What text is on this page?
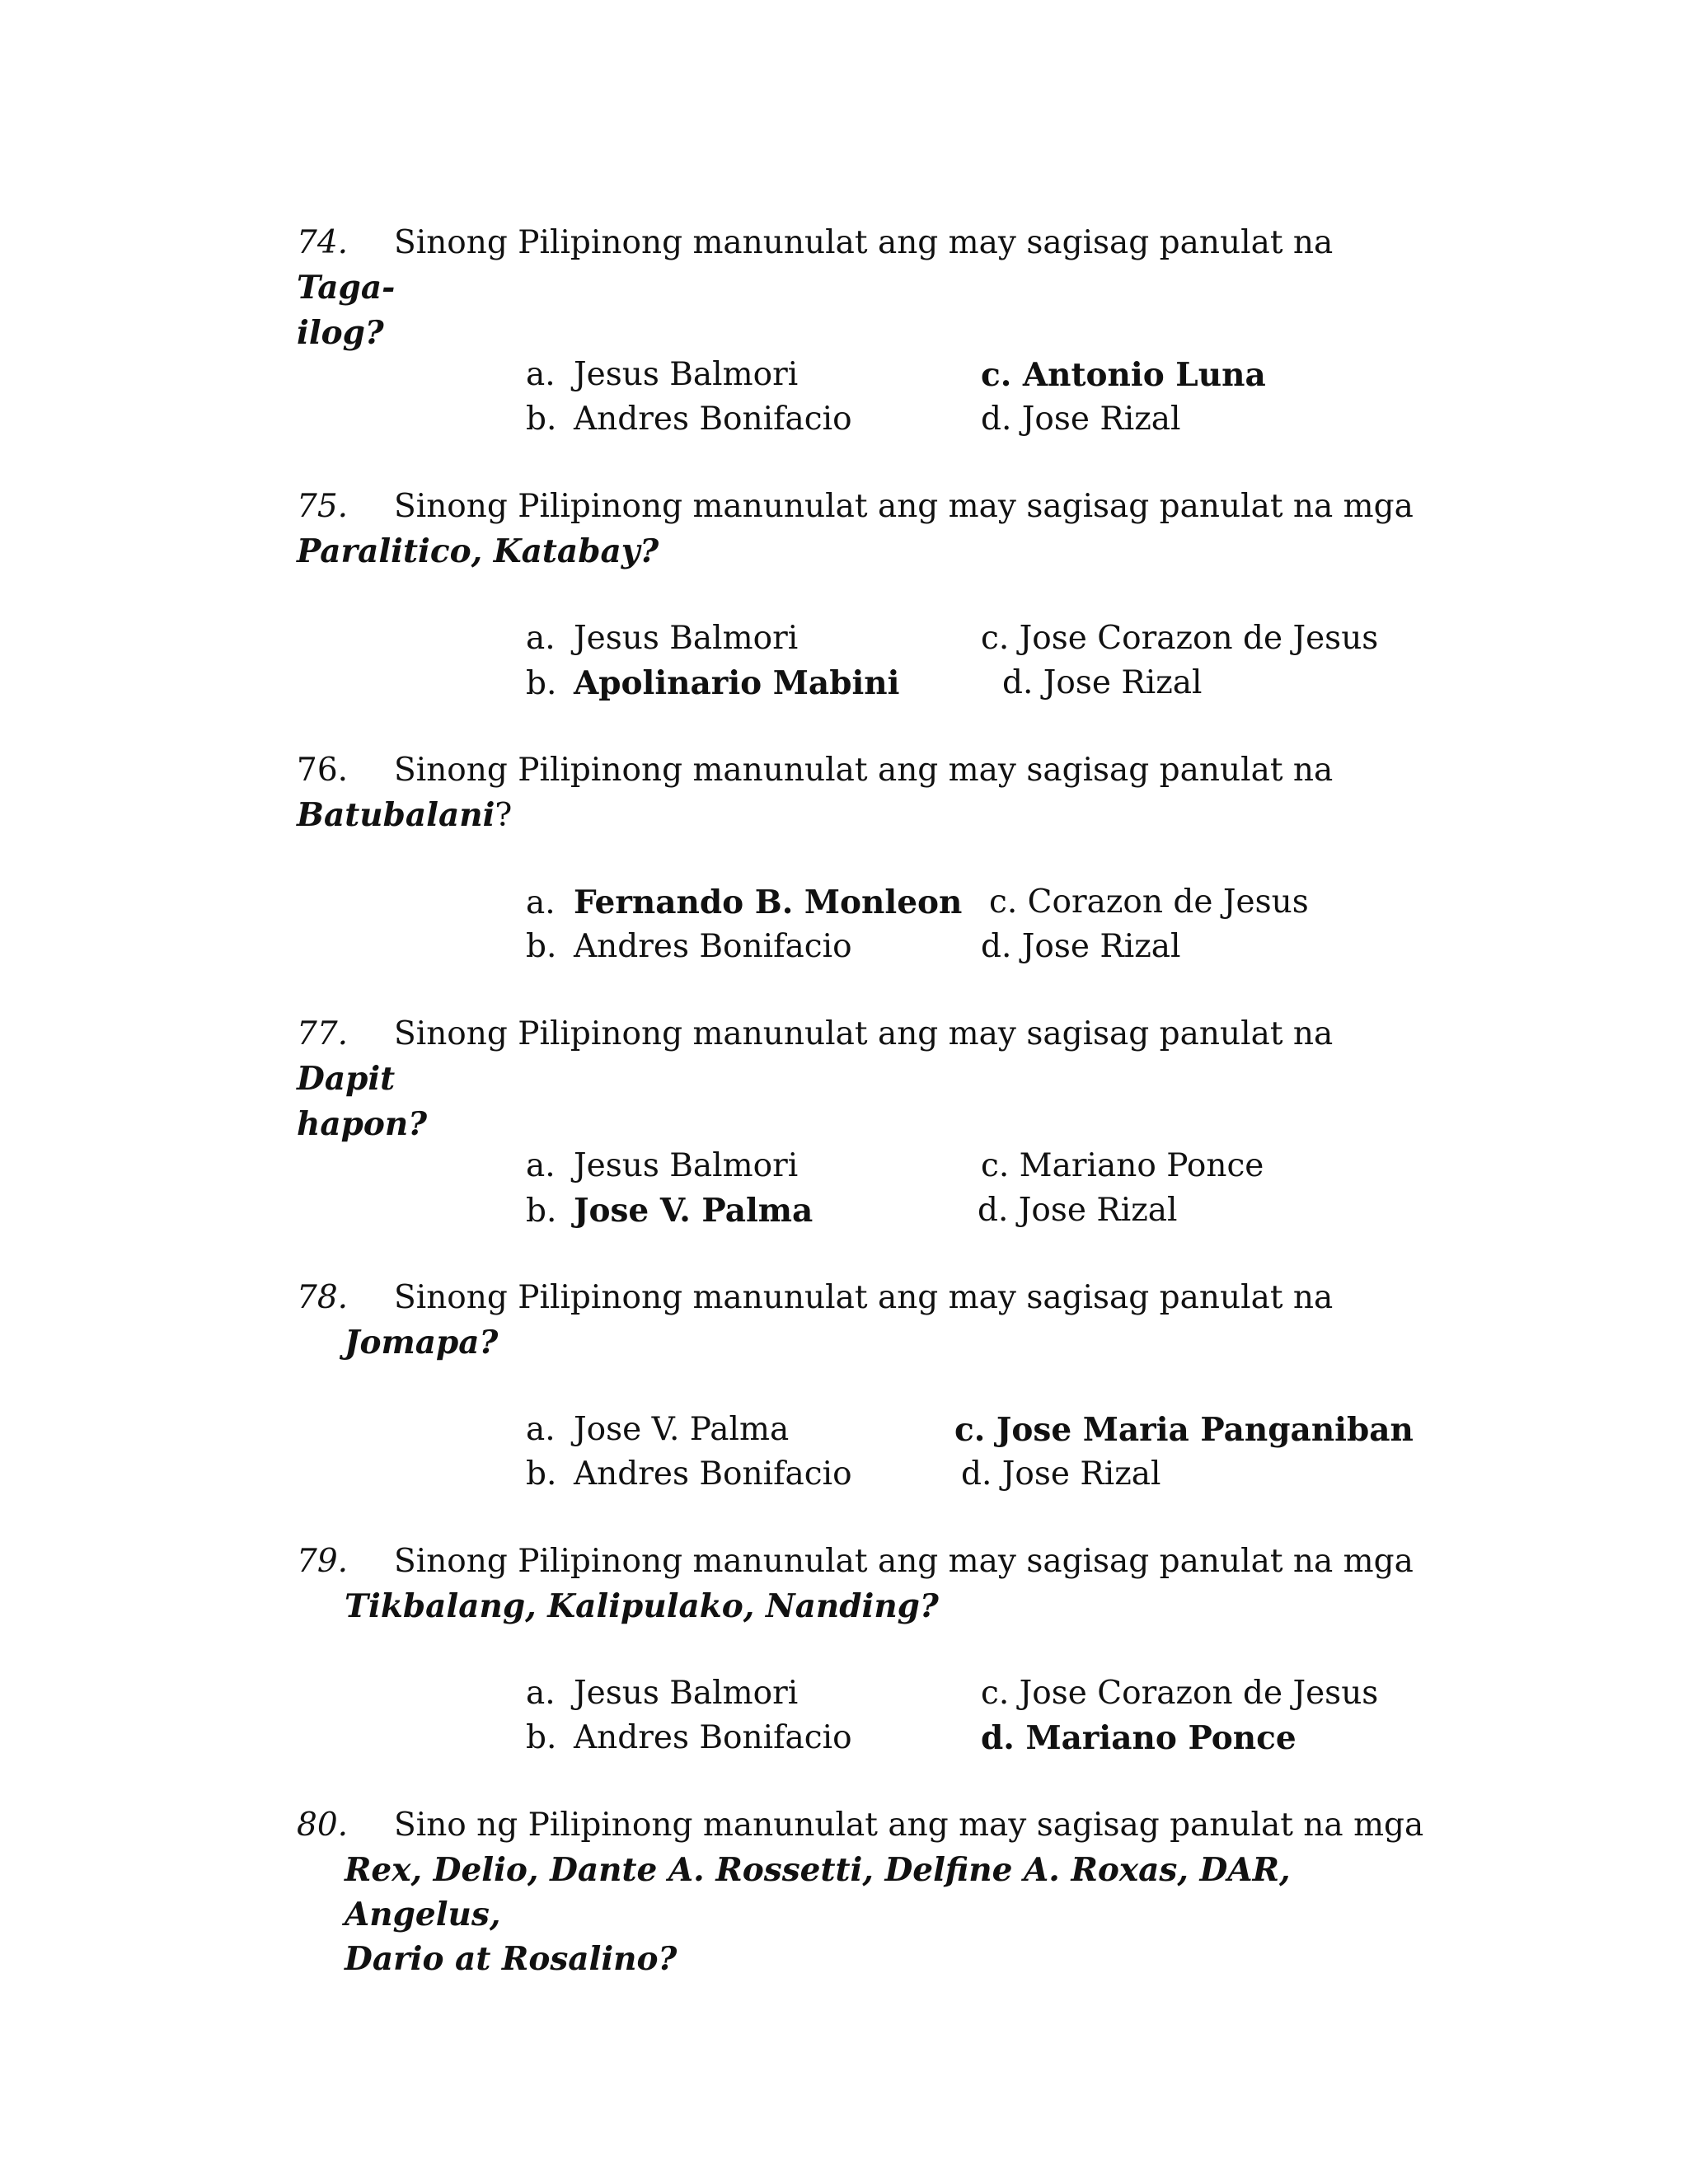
74. Sinong Pilipinong manunulat ang may sagisag panulat na Taga-
ilog?
a. Jesus Balmori
b. Andres Bonifacio
c. Antonio Luna
d. Jose Rizal
75. Sinong Pilipinong manunulat ang may sagisag panulat na mga
Paralitico, Katabay?
a. Jesus Balmori
b. Apolinario Mabini
c. Jose Corazon de Jesus
d. Jose Rizal
76. Sinong Pilipinong manunulat ang may sagisag panulat na
Batubalani?
a. Fernando B. Monleon
b. Andres Bonifacio
c. Corazon de Jesus
d. Jose Rizal
77. Sinong Pilipinong manunulat ang may sagisag panulat na Dapit
hapon?
a. Jesus Balmori
b. Jose V. Palma
c. Mariano Ponce
d. Jose Rizal
78. Sinong Pilipinong manunulat ang may sagisag panulat na
Jomapa?
a. Jose V. Palma
b. Andres Bonifacio
c. Jose Maria Panganiban
d. Jose Rizal
79. Sinong Pilipinong manunulat ang may sagisag panulat na mga
Tikbalang, Kalipulako, Nanding?
a. Jesus Balmori
b. Andres Bonifacio
c. Jose Corazon de Jesus
d. Mariano Ponce
80. Sino ng Pilipinong manunulat ang may sagisag panulat na mga
Rex, Delio, Dante A. Rossetti, Delfine A. Roxas, DAR, Angelus,
Dario at Rosalino?
